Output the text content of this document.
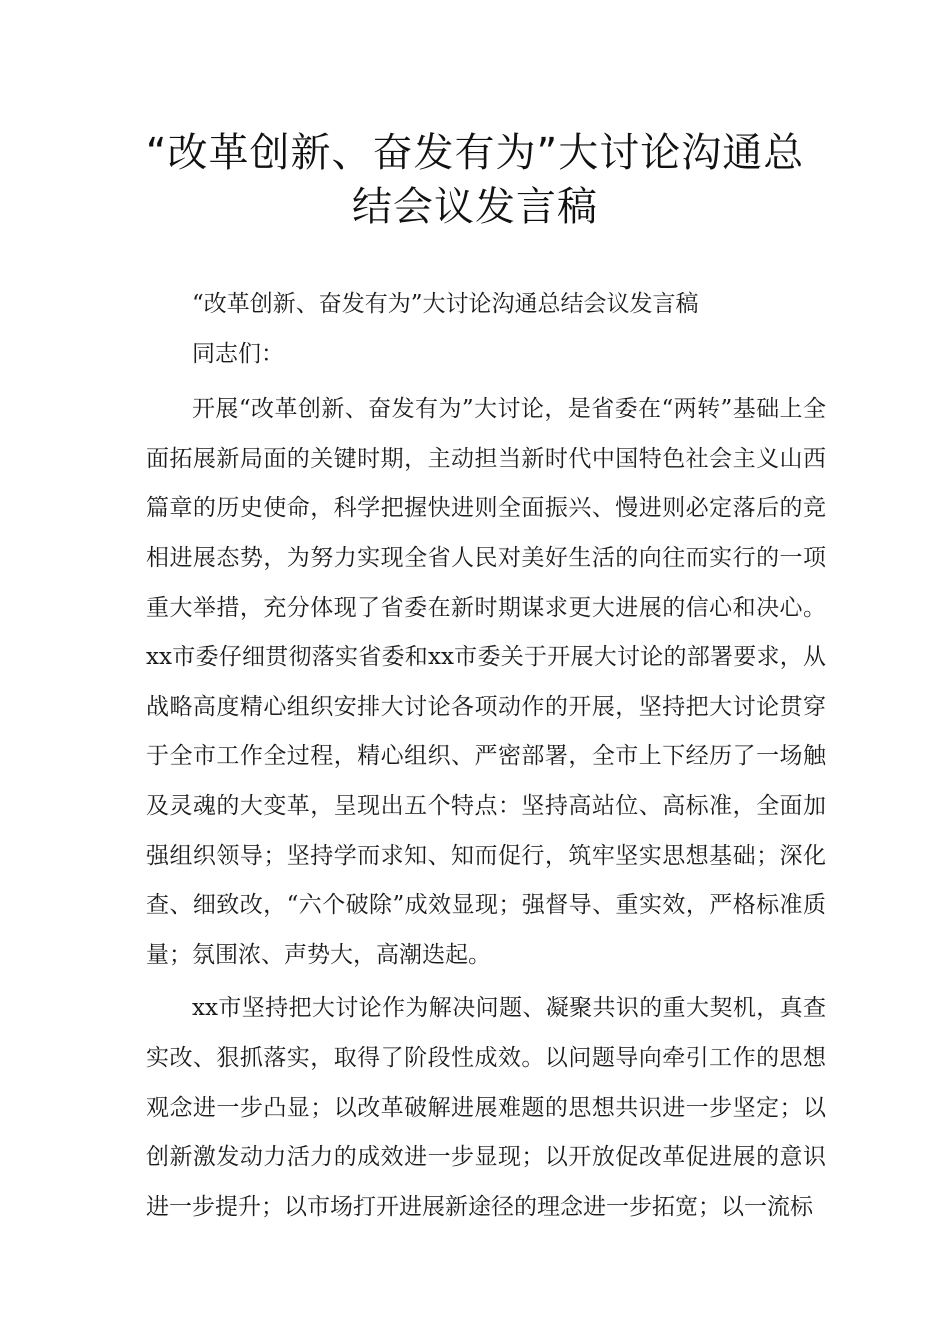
“改革创新、奋发有为”大讨论沟通总
结会议发言稿

“改革创新、奋发有为”大讨论沟通总结会议发言稿

同志们：

开展“改革创新、奋发有为”大讨论，是省委在“两转”基础上全面拓展新局面的关键时期，主动担当新时代中国特色社会主义山西篇章的历史使命，科学把握快进则全面振兴、慢进则必定落后的竞相进展态势，为努力实现全省人民对美好生活的向往而实行的一项重大举措，充分体现了省委在新时期谋求更大进展的信心和决心。xx市委仔细贯彻落实省委和xx市委关于开展大讨论的部署要求，从战略高度精心组织安排大讨论各项动作的开展，坚持把大讨论贯穿于全市工作全过程，精心组织、严密部署，全市上下经历了一场触及灵魂的大变革，呈现出五个特点：坚持高站位、高标准，全面加强组织领导；坚持学而求知、知而促行，筑牢坚实思想基础；深化查、细致改，“六个破除”成效显现；强督导、重实效，严格标准质量；氛围浓、声势大，高潮迭起。

xx市坚持把大讨论作为解决问题、凝聚共识的重大契机，真查实改、狠抓落实，取得了阶段性成效。以问题导向牵引工作的思想观念进一步凸显；以改革破解进展难题的思想共识进一步坚定；以创新激发动力活力的成效进一步显现；以开放促改革促进展的意识进一步提升；以市场打开进展新途径的理念进一步拓宽；以一流标
